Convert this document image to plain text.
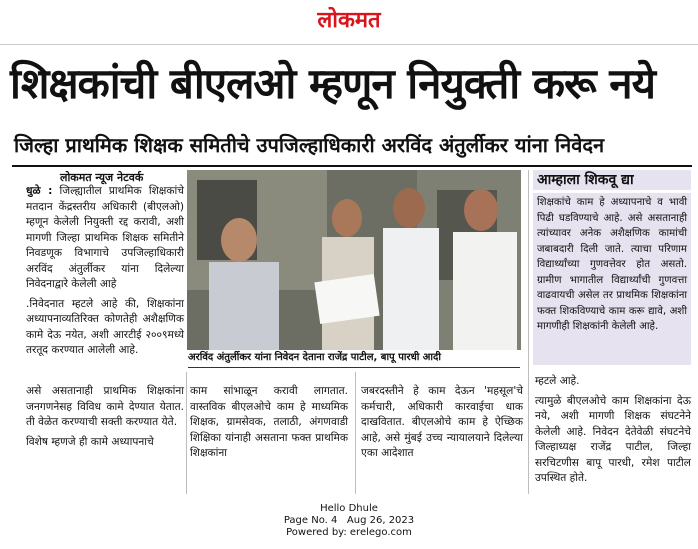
लोकमत
शिक्षकांची बीएलओ म्हणून नियुक्ती करू नये
जिल्हा प्राथमिक शिक्षक समितीचे उपजिल्हाधिकारी अरविंद अंतुर्लीकर यांना निवेदन
लोकमत न्यूज नेटवर्क

धुळे : जिल्ह्यातील प्राथमिक शिक्षकांचे मतदान केंद्रस्तरीय अधिकारी (बीएलओ) म्हणून केलेली नियुक्ती रद्द करावी, अशी मागणी जिल्हा प्राथमिक शिक्षक समितीने निवडणूक विभागाचे उपजिल्हाधिकारी अरविंद अंतुर्लीकर यांना दिलेल्या निवेदनाद्वारे केलेली आहे

.निवेदनात म्हटले आहे की, शिक्षकांना अध्यापनाव्यतिरिक्त कोणतेही अशैक्षणिक कामे देऊ नयेत, अशी आरटीई २००९मध्ये तरतूद करण्यात आलेली आहे.

अरविंद अंतुर्लीकर यांना निवेदन देताना राजेंद्र पाटील, बापू पारधी आदी
आम्हाला शिकवू द्या
शिक्षकांचे काम हे अध्यापनाचे व भावी पिढी घडविण्याचे आहे. असे असतानाही त्यांच्यावर अनेक अशैक्षणिक कामांची जबाबदारी दिली जाते. त्याचा परिणाम विद्यार्थ्यांच्या गुणवत्तेवर होत असतो. ग्रामीण भागातील विद्यार्थ्यांची गुणवत्ता वाढवायची असेल तर प्राथमिक शिक्षकांना फक्त शिकविण्याचे काम करू द्यावे, अशी मागणीही शिक्षकांनी केलेली आहे.

असे असतानाही प्राथमिक शिक्षकांना जनगणनेसह विविध कामे देण्यात येतात. ती वेळेत करण्याची सक्ती करण्यात येते.

विशेष म्हणजे ही कामे अध्यापनाचे

काम सांभाळून करावी लागतात. वास्तविक बीएलओचे काम हे माध्यमिक शिक्षक, ग्रामसेवक, तलाठी, अंगणवाडी शिक्षिका यांनाही असताना फक्त प्राथमिक शिक्षकांना

जबरदस्तीने हे काम देऊन 'महसूल'चे कर्मचारी, अधिकारी कारवाईचा धाक दाखवितात. बीएलओचे काम हे ऐच्छिक आहे, असे मुंबई उच्च न्यायालयाने दिलेल्या एका आदेशात

म्हटले आहे.

त्यामुळे बीएलओचे काम शिक्षकांना देऊ नये, अशी मागणी शिक्षक संघटनेने केलेली आहे. निवेदन देतेवेळी संघटनेचे जिल्हाध्यक्ष राजेंद्र पाटील, जिल्हा सरचिटणीस बापू पारधी, रमेश पाटील उपस्थित होते.

Hello Dhule
Page No. 4 Aug 26, 2023
Powered by: erelego.com
